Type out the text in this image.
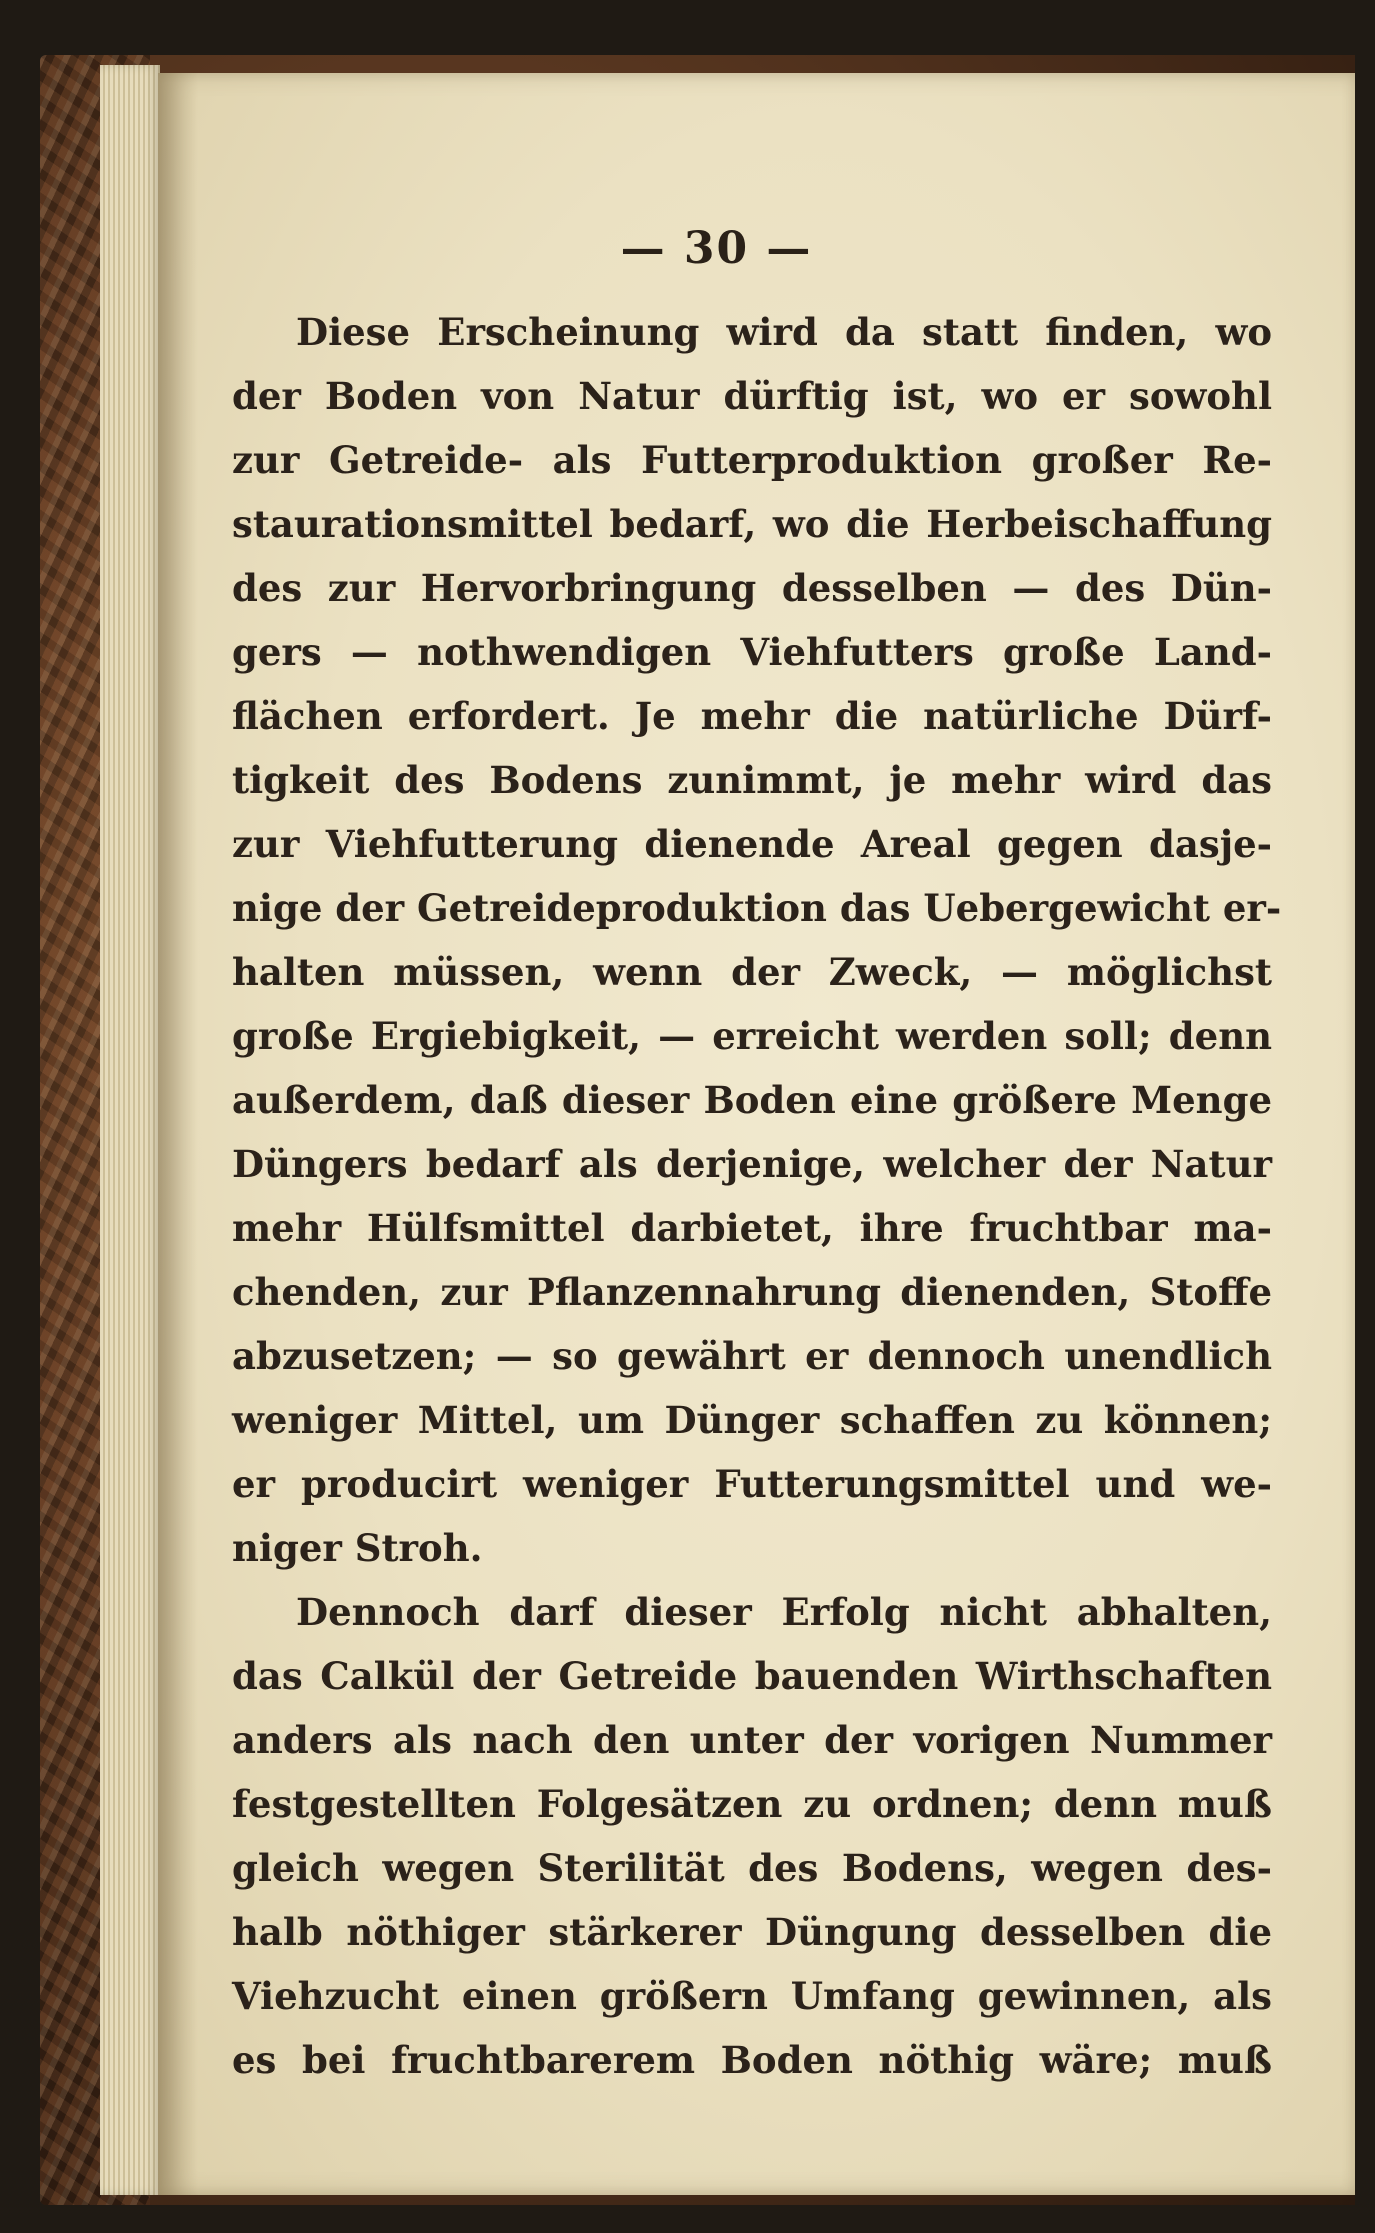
— 30 —
Diese Erscheinung wird da statt finden, wo
der Boden von Natur dürftig ist, wo er sowohl
zur Getreide- als Futterproduktion großer Re-
staurationsmittel bedarf, wo die Herbeischaffung
des zur Hervorbringung desselben — des Dün-
gers — nothwendigen Viehfutters große Land-
flächen erfordert. Je mehr die natürliche Dürf-
tigkeit des Bodens zunimmt, je mehr wird das
zur Viehfutterung dienende Areal gegen dasje-
nige der Getreideproduktion das Uebergewicht er-
halten müssen, wenn der Zweck, — möglichst
große Ergiebigkeit, — erreicht werden soll; denn
außerdem, daß dieser Boden eine größere Menge
Düngers bedarf als derjenige, welcher der Natur
mehr Hülfsmittel darbietet, ihre fruchtbar ma-
chenden, zur Pflanzennahrung dienenden, Stoffe
abzusetzen; — so gewährt er dennoch unendlich
weniger Mittel, um Dünger schaffen zu können;
er producirt weniger Futterungsmittel und we-
niger Stroh.
Dennoch darf dieser Erfolg nicht abhalten,
das Calkül der Getreide bauenden Wirthschaften
anders als nach den unter der vorigen Nummer
festgestellten Folgesätzen zu ordnen; denn muß
gleich wegen Sterilität des Bodens, wegen des-
halb nöthiger stärkerer Düngung desselben die
Viehzucht einen größern Umfang gewinnen, als
es bei fruchtbarerem Boden nöthig wäre; muß
